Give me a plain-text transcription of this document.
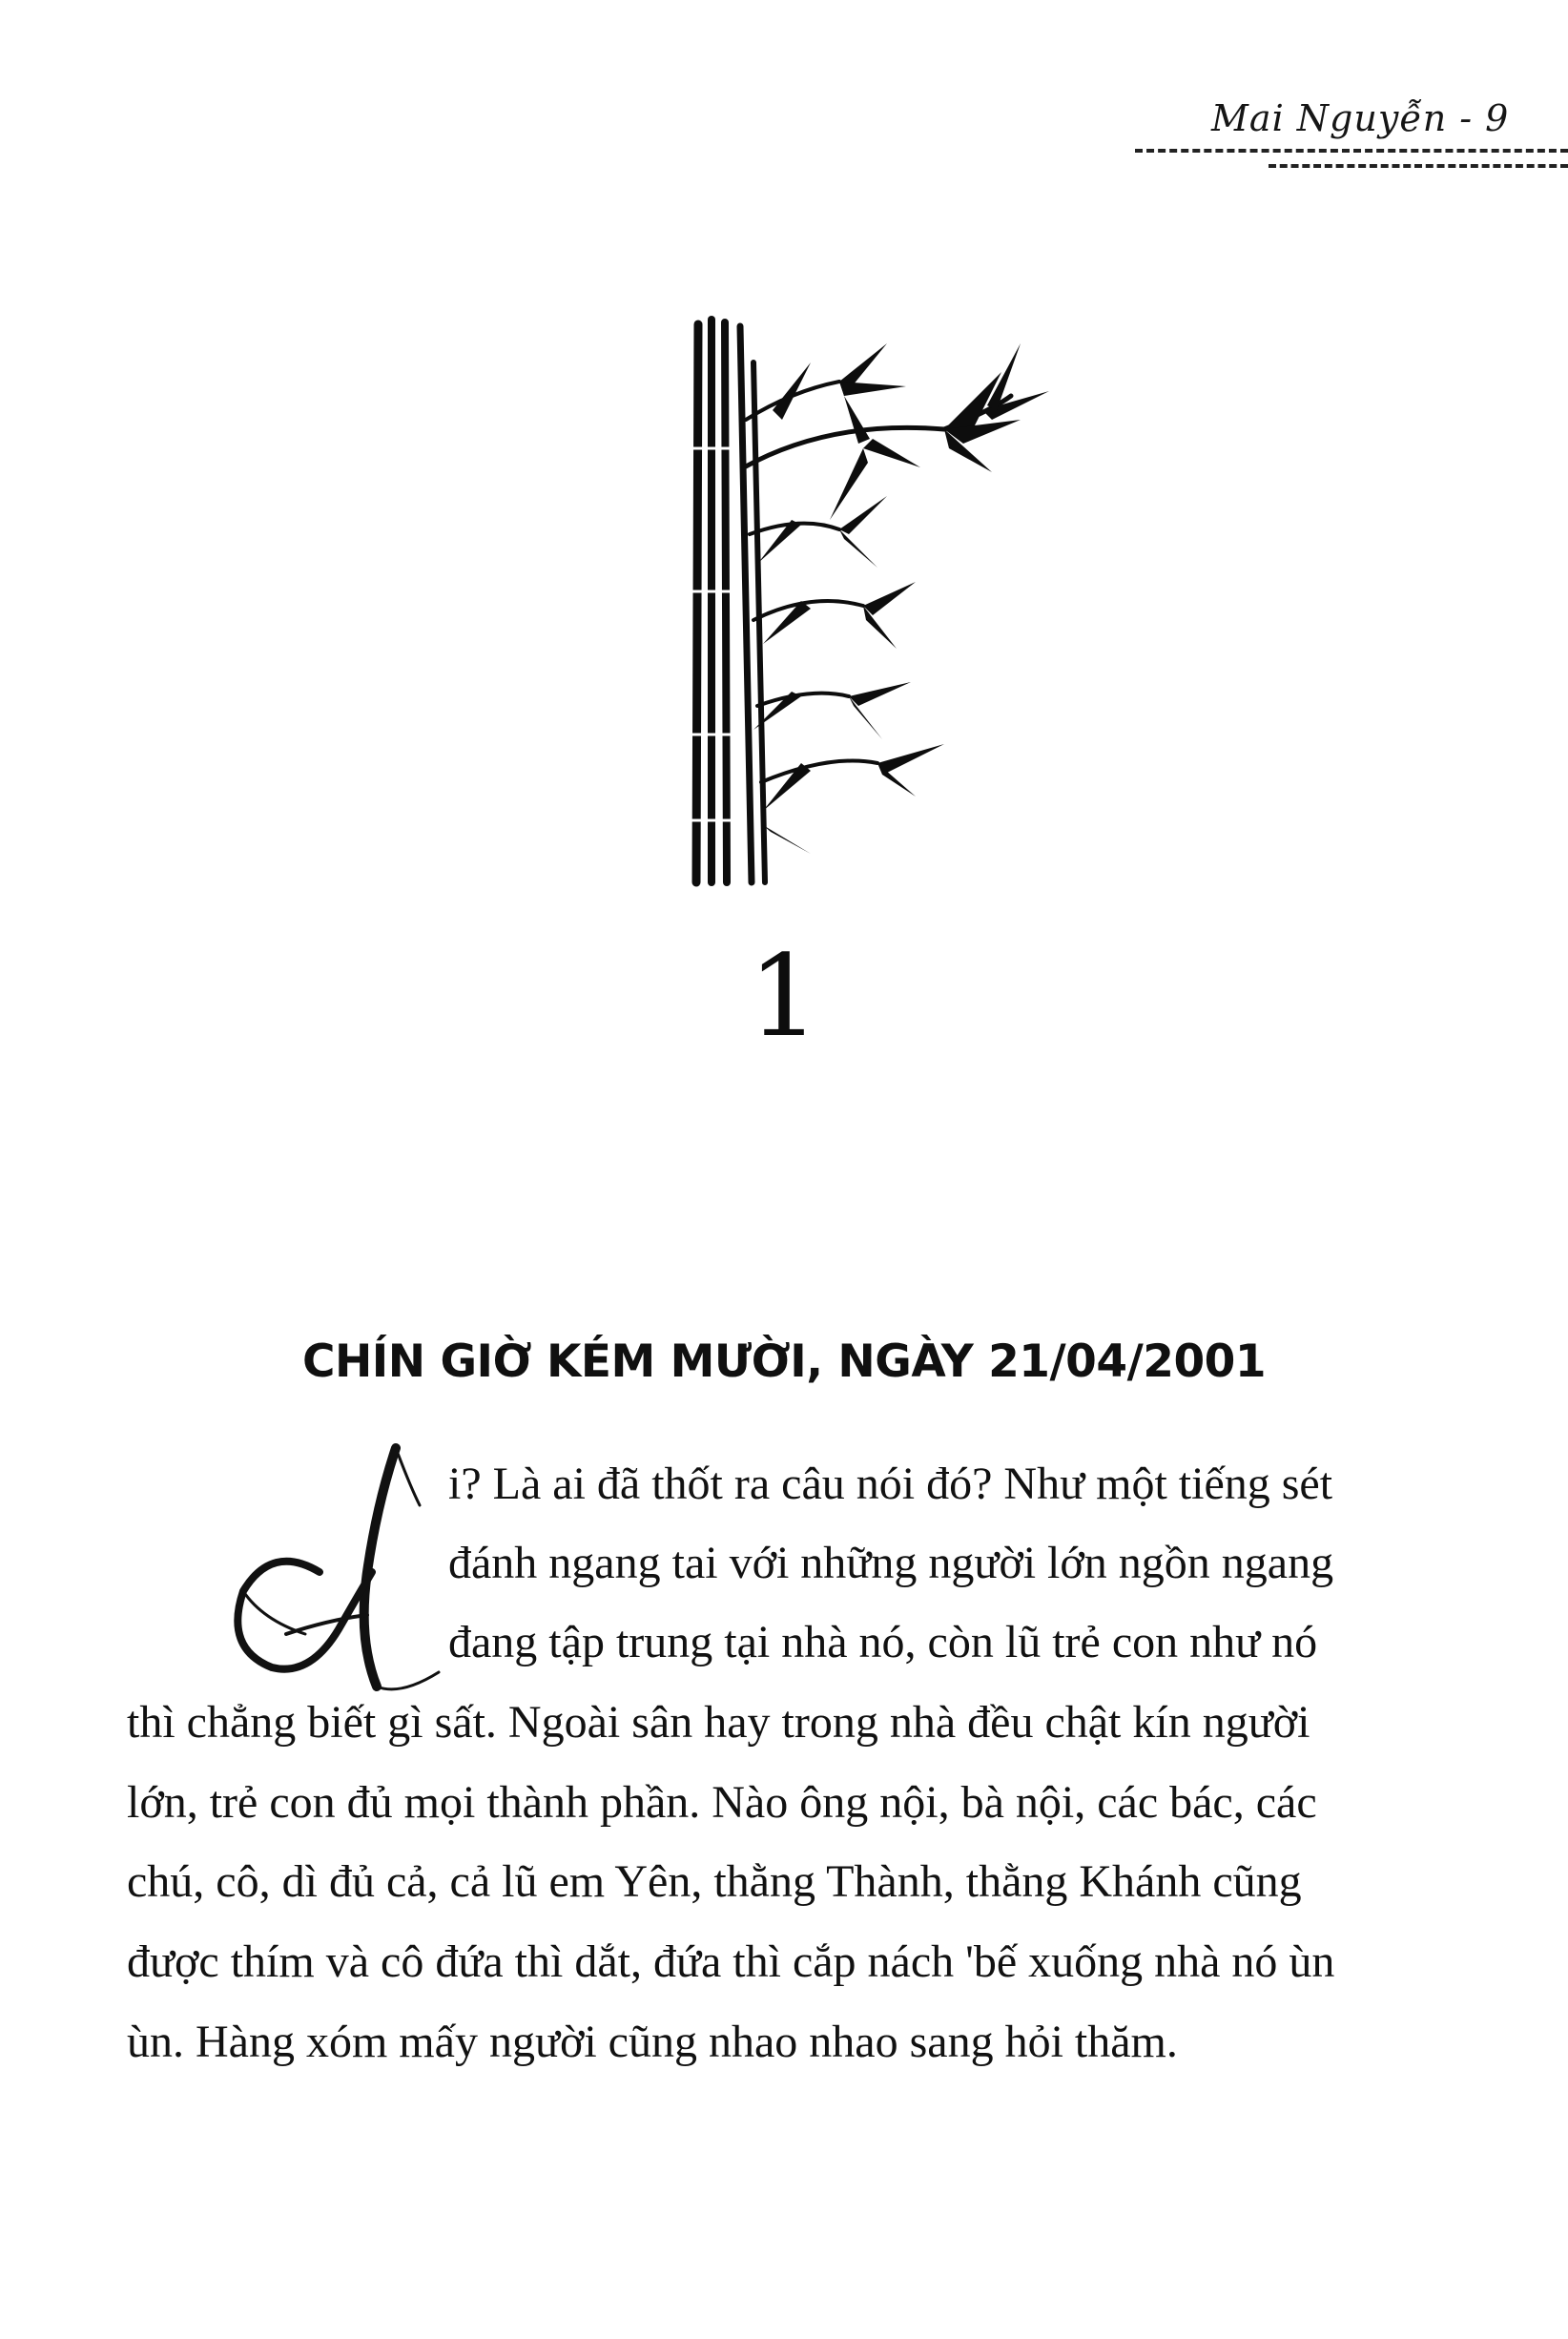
Mai Nguyễn - 9
1
CHÍN GIỜ KÉM MƯỜI, NGÀY 21/04/2001
i? Là ai đã thốt ra câu nói đó? Như một tiếng sét
đánh ngang tai với những người lớn ngồn ngang
đang tập trung tại nhà nó, còn lũ trẻ con như nó
thì chẳng biết gì sất. Ngoài sân hay trong nhà đều chật kín người
lớn, trẻ con đủ mọi thành phần. Nào ông nội, bà nội, các bác, các
chú, cô, dì đủ cả, cả lũ em Yên, thằng Thành, thằng Khánh cũng
được thím và cô đứa thì dắt, đứa thì cắp nách 'bế xuống nhà nó ùn
ùn. Hàng xóm mấy người cũng nhao nhao sang hỏi thăm.
